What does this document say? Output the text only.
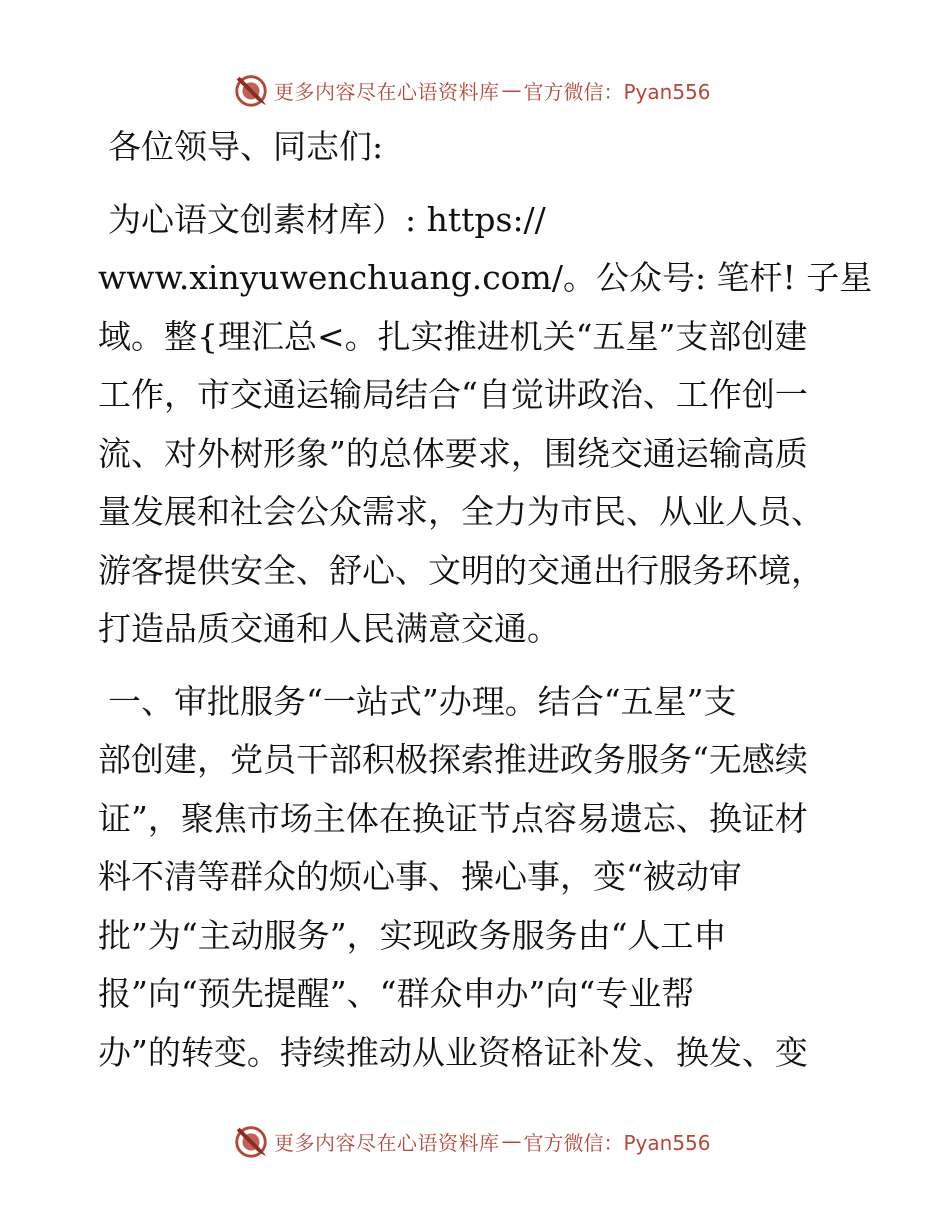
更多内容尽在心语资料库 — 官方微信：Pyan556
各位领导、同志们:
为心语文创素材库）: https://
www.xinyuwenchuang.com/。公众号: 笔杆! 子星
域。整{理汇总<。扎实推进机关“五星”支部创建
工作，市交通运输局结合“自觉讲政治、工作创一
流、对外树形象”的总体要求，围绕交通运输高质
量发展和社会公众需求，全力为市民、从业人员、
游客提供安全、舒心、文明的交通出行服务环境，
打造品质交通和人民满意交通。
一、审批服务“一站式”办理。结合“五星”支
部创建，党员干部积极探索推进政务服务“无感续
证”，聚焦市场主体在换证节点容易遗忘、换证材
料不清等群众的烦心事、操心事，变“被动审
批”为“主动服务”，实现政务服务由“人工申
报”向“预先提醒”、“群众申办”向“专业帮
办”的转变。持续推动从业资格证补发、换发、变
更多内容尽在心语资料库 — 官方微信：Pyan556
